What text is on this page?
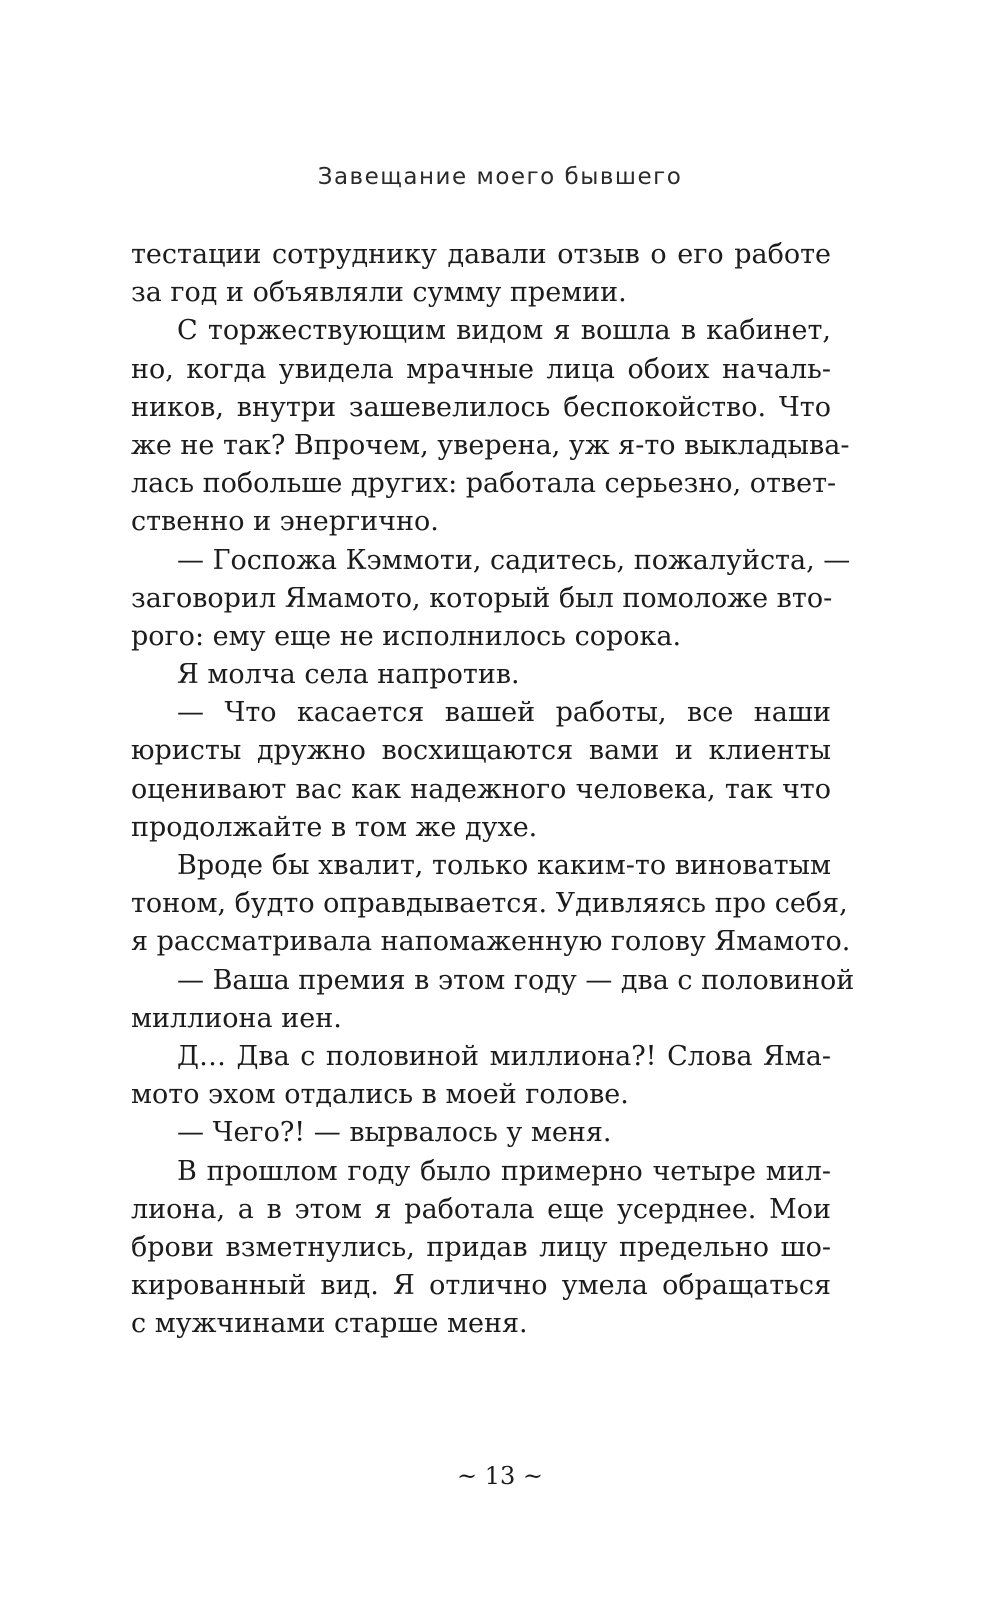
Завещание моего бывшего
тестации сотруднику давали отзыв о его работе
за год и объявляли сумму премии.
С торжествующим видом я вошла в кабинет,
но, когда увидела мрачные лица обоих началь-
ников, внутри зашевелилось беспокойство. Что
же не так? Впрочем, уверена, уж я-то выкладыва-
лась побольше других: работала серьезно, ответ-
ственно и энергично.
— Госпожа Кэммоти, садитесь, пожалуйста, —
заговорил Ямамото, который был помоложе вто-
рого: ему еще не исполнилось сорока.
Я молча села напротив.
— Что касается вашей работы, все наши
юристы дружно восхищаются вами и клиенты
оценивают вас как надежного человека, так что
продолжайте в том же духе.
Вроде бы хвалит, только каким-то виноватым
тоном, будто оправдывается. Удивляясь про себя,
я рассматривала напомаженную голову Ямамото.
— Ваша премия в этом году — два с половиной
миллиона иен.
Д… Два с половиной миллиона?! Слова Яма-
мото эхом отдались в моей голове.
— Чего?! — вырвалось у меня.
В прошлом году было примерно четыре мил-
лиона, а в этом я работала еще усерднее. Мои
брови взметнулись, придав лицу предельно шо-
кированный вид. Я отлично умела обращаться
с мужчинами старше меня.
~ 13 ~
